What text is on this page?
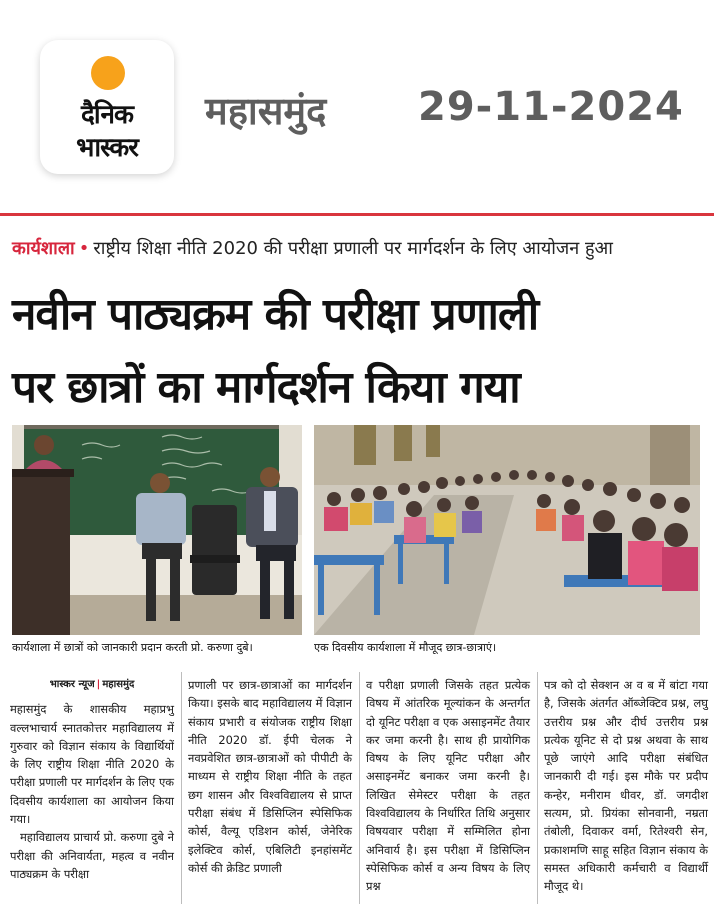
दैनिक
भास्कर
महासमुंद 29-11-2024
कार्यशाला • राष्ट्रीय शिक्षा नीति 2020 की परीक्षा प्रणाली पर मार्गदर्शन के लिए आयोजन हुआ
नवीन पाठ्यक्रम की परीक्षा प्रणाली
पर छात्रों का मार्गदर्शन किया गया
कार्यशाला में छात्रों को जानकारी प्रदान करती प्रो. करुणा दुबे।	एक दिवसीय कार्यशाला में मौजूद छात्र-छात्राएं।

भास्कर न्यूज | महासमुंद

महासमुंद के शासकीय महाप्रभु वल्लभाचार्य स्नातकोत्तर महाविद्यालय में गुरुवार को विज्ञान संकाय के विद्यार्थियों के लिए राष्ट्रीय शिक्षा नीति 2020 के परीक्षा प्रणाली पर मार्गदर्शन के लिए एक दिवसीय कार्यशाला का आयोजन किया गया।

महाविद्यालय प्राचार्य प्रो. करुणा दुबे ने परीक्षा की अनिवार्यता, महत्व व नवीन पाठ्यक्रम के परीक्षा

प्रणाली पर छात्र-छात्राओं का मार्गदर्शन किया। इसके बाद महाविद्यालय में विज्ञान संकाय प्रभारी व संयोजक राष्ट्रीय शिक्षा नीति 2020 डॉ. ईपी चेलक ने नवप्रवेशित छात्र-छात्राओं को पीपीटी के माध्यम से राष्ट्रीय शिक्षा नीति के तहत छग शासन और विश्वविद्यालय से प्राप्त परीक्षा संबंध में डिसिप्लिन स्पेसिफिक कोर्स, वैल्यू एडिशन कोर्स, जेनेरिक इलेक्टिव कोर्स, एबिलिटी इनहांसमेंट कोर्स की क्रेडिट प्रणाली

व परीक्षा प्रणाली जिसके तहत प्रत्येक विषय में आंतरिक मूल्यांकन के अन्तर्गत दो यूनिट परीक्षा व एक असाइनमेंट तैयार कर जमा करनी है। साथ ही प्रायोगिक विषय के लिए यूनिट परीक्षा और असाइनमेंट बनाकर जमा करनी है। लिखित सेमेस्टर परीक्षा के तहत विश्वविद्यालय के निर्धारित तिथि अनुसार विषयवार परीक्षा में सम्मिलित होना अनिवार्य है। इस परीक्षा में डिसिप्लिन स्पेसिफिक कोर्स व अन्य विषय के लिए प्रश्न

पत्र को दो सेक्शन अ व ब में बांटा गया है, जिसके अंतर्गत ऑब्जेक्टिव प्रश्न, लघु उत्तरीय प्रश्न और दीर्घ उत्तरीय प्रश्न प्रत्येक यूनिट से दो प्रश्न अथवा के साथ पूछे जाएंगे आदि परीक्षा संबंधित जानकारी दी गई। इस मौके पर प्रदीप कन्हेर, मनीराम धीवर, डॉ. जगदीश सत्यम, प्रो. प्रियंका सोनवानी, नम्रता तंबोली, दिवाकर वर्मा, रितेश्वरी सेन, प्रकाशमणि साहू सहित विज्ञान संकाय के समस्त अधिकारी कर्मचारी व विद्यार्थी मौजूद थे।
